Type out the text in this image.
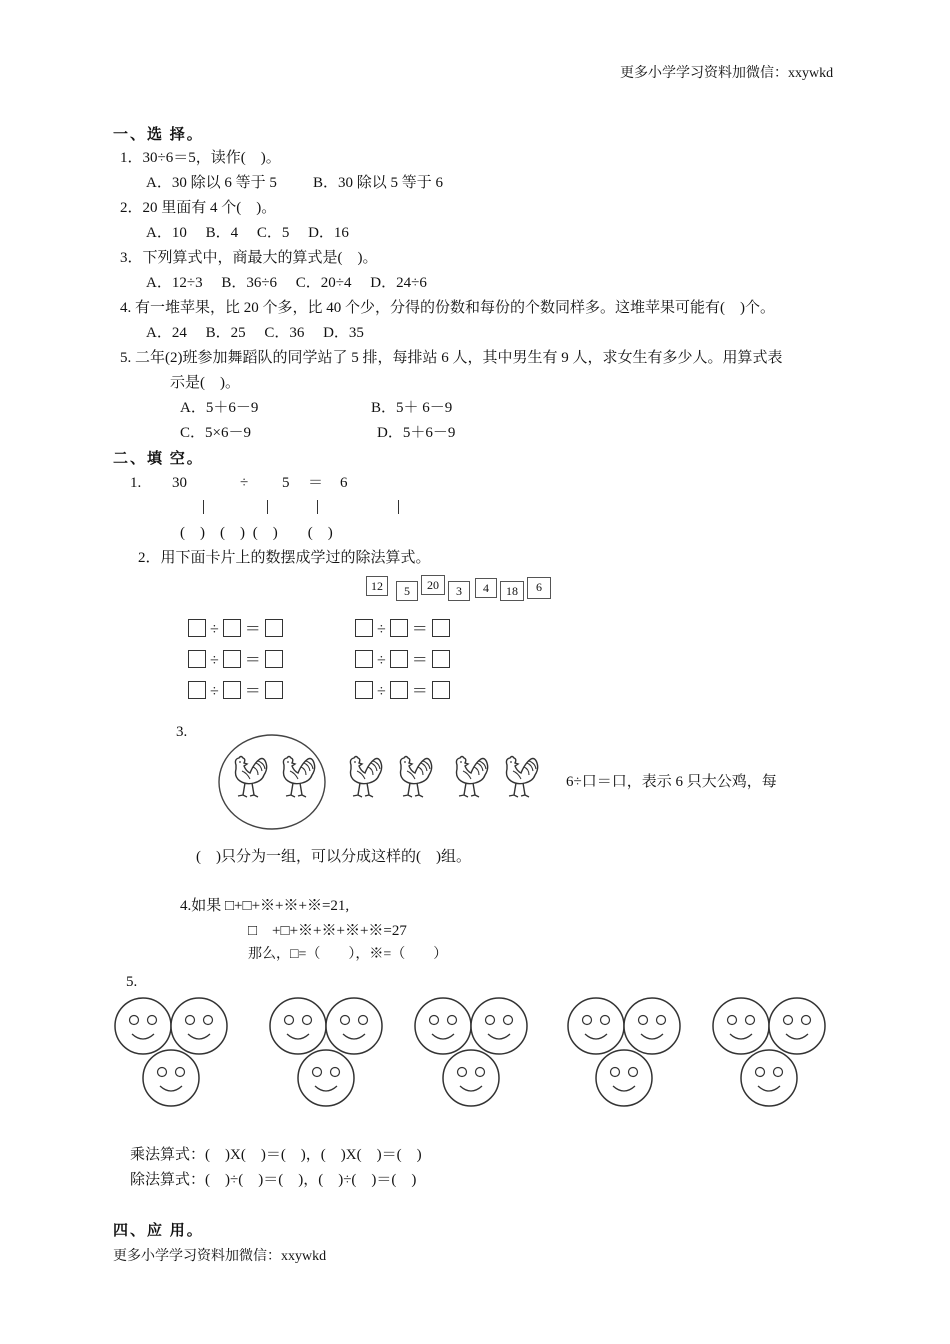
更多小学学习资料加微信：xxywkd
一、选 择。
1．30÷6＝5，读作(　)。
A．30 除以 6 等于 5 B．30 除以 5 等于 6
2．20 里面有 4 个(　)。
A．10　 B．4　 C．5　 D．16
3．下列算式中，商最大的算式是(　)。
A．12÷3　 B．36÷6　 C．20÷4　 D．24÷6
4. 有一堆苹果，比 20 个多，比 40 个少，分得的份数和每份的个数同样多。这堆苹果可能有(　)个。
A．24　 B．25　 C．36　 D．35
5. 二年(2)班参加舞蹈队的同学站了 5 排，每排站 6 人，其中男生有 9 人，求女生有多少人。用算式表
示是(　)。
A．5＋6－9	B．5＋ 6－9
C．5×6－9	D．5＋6－9
二、填 空。
1. 30	÷ 5 ＝ 6
(　)　(　) (　)　　(　)
2．用下面卡片上的数摆成学过的除法算式。
12	5	20	3	4	18	6
÷ ＝	÷ ＝
÷ ＝	÷ ＝
÷ ＝	÷ ＝
3.
6÷口＝口，表示 6 只大公鸡，每
(　)只分为一组，可以分成这样的(　)组。
4.如果 □+□+※+※+※=21,
□　+□+※+※+※+※=27
那么，□=（　　），※=（　　）
5.
乘法算式：(　)X(　)＝(　)，(　)X(　)＝(　)
除法算式：(　)÷(　)＝(　)，(　)÷(　)＝(　)
四、应 用。
更多小学学习资料加微信：xxywkd
